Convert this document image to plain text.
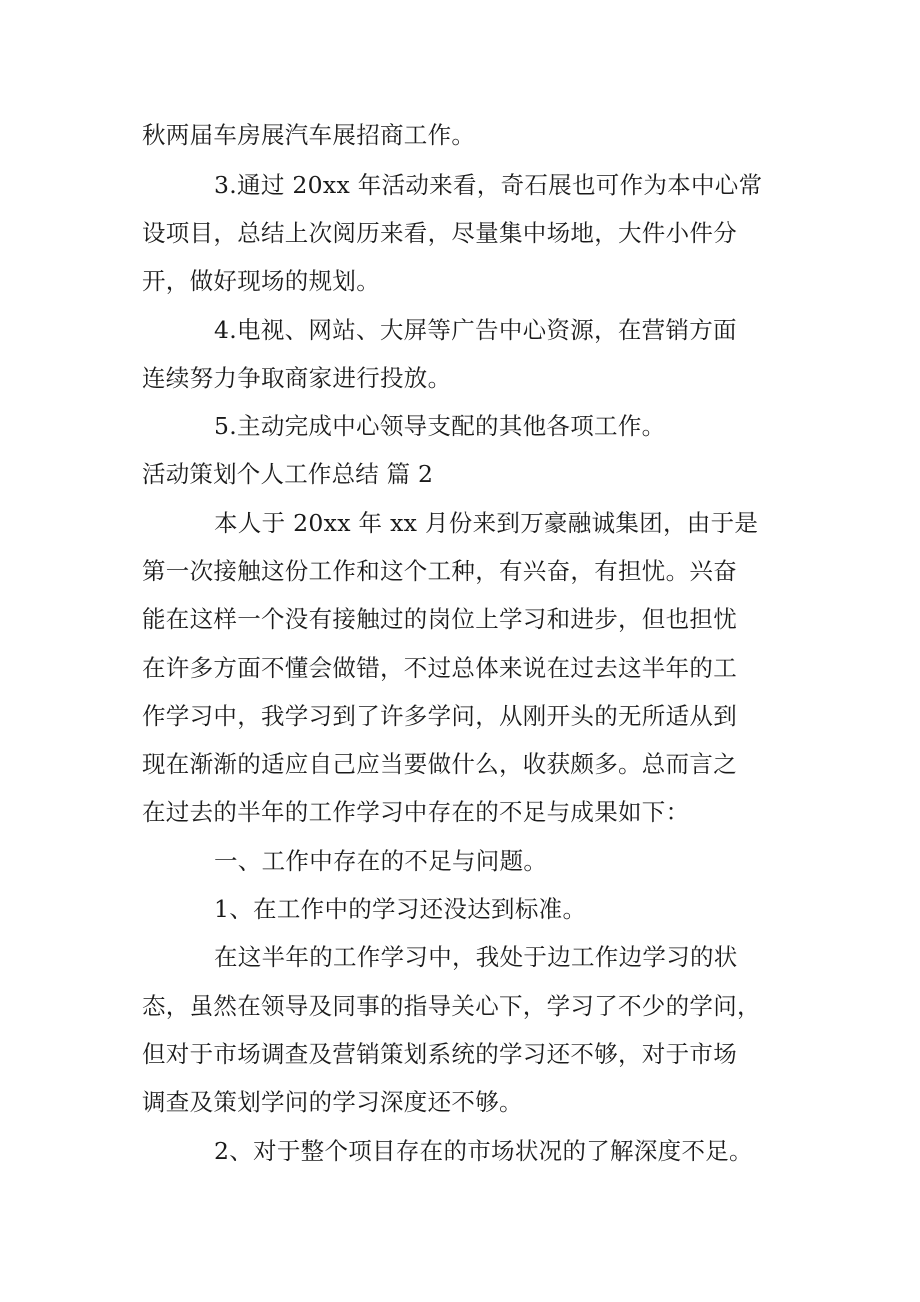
秋两届车房展汽车展招商工作。
3.通过 20xx 年活动来看，奇石展也可作为本中心常
设项目，总结上次阅历来看，尽量集中场地，大件小件分
开，做好现场的规划。
4.电视、网站、大屏等广告中心资源，在营销方面
连续努力争取商家进行投放。
5.主动完成中心领导支配的其他各项工作。
活动策划个人工作总结 篇 2
本人于 20xx 年 xx 月份来到万豪融诚集团，由于是
第一次接触这份工作和这个工种，有兴奋，有担忧。兴奋
能在这样一个没有接触过的岗位上学习和进步，但也担忧
在许多方面不懂会做错，不过总体来说在过去这半年的工
作学习中，我学习到了许多学问，从刚开头的无所适从到
现在渐渐的适应自己应当要做什么，收获颇多。总而言之
在过去的半年的工作学习中存在的不足与成果如下：
一、工作中存在的不足与问题。
1、在工作中的学习还没达到标准。
在这半年的工作学习中，我处于边工作边学习的状
态，虽然在领导及同事的指导关心下，学习了不少的学问，
但对于市场调查及营销策划系统的学习还不够，对于市场
调查及策划学问的学习深度还不够。
2、对于整个项目存在的市场状况的了解深度不足。
